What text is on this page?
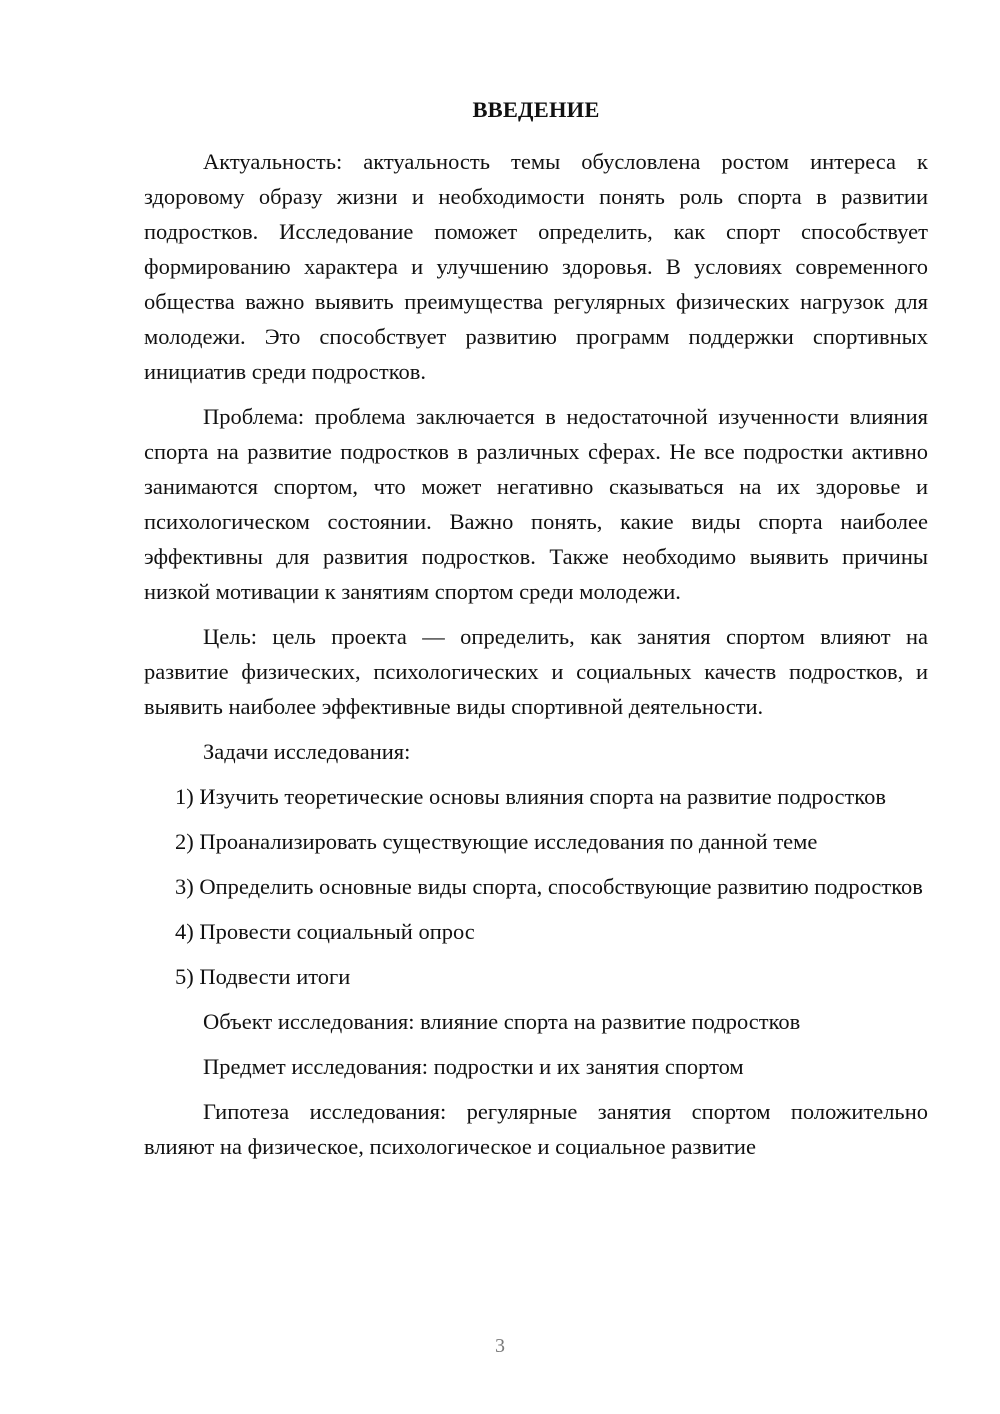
ВВЕДЕНИЕ

Актуальность: актуальность темы обусловлена ростом интереса к здоровому образу жизни и необходимости понять роль спорта в развитии подростков. Исследование поможет определить, как спорт способствует формированию характера и улучшению здоровья. В условиях современного общества важно выявить преимущества регулярных физических нагрузок для молодежи. Это способствует развитию программ поддержки спортивных инициатив среди подростков.

Проблема: проблема заключается в недостаточной изученности влияния спорта на развитие подростков в различных сферах. Не все подростки активно занимаются спортом, что может негативно сказываться на их здоровье и психологическом состоянии. Важно понять, какие виды спорта наиболее эффективны для развития подростков. Также необходимо выявить причины низкой мотивации к занятиям спортом среди молодежи.

Цель: цель проекта — определить, как занятия спортом влияют на развитие физических, психологических и социальных качеств подростков, и выявить наиболее эффективные виды спортивной деятельности.

Задачи исследования:

1) Изучить теоретические основы влияния спорта на развитие подростков

2) Проанализировать существующие исследования по данной теме

3) Определить основные виды спорта, способствующие развитию подростков

4) Провести социальный опрос

5) Подвести итоги

Объект исследования: влияние спорта на развитие подростков

Предмет исследования: подростки и их занятия спортом

Гипотеза исследования: регулярные занятия спортом положительно влияют на физическое, психологическое и социальное развитие

3
